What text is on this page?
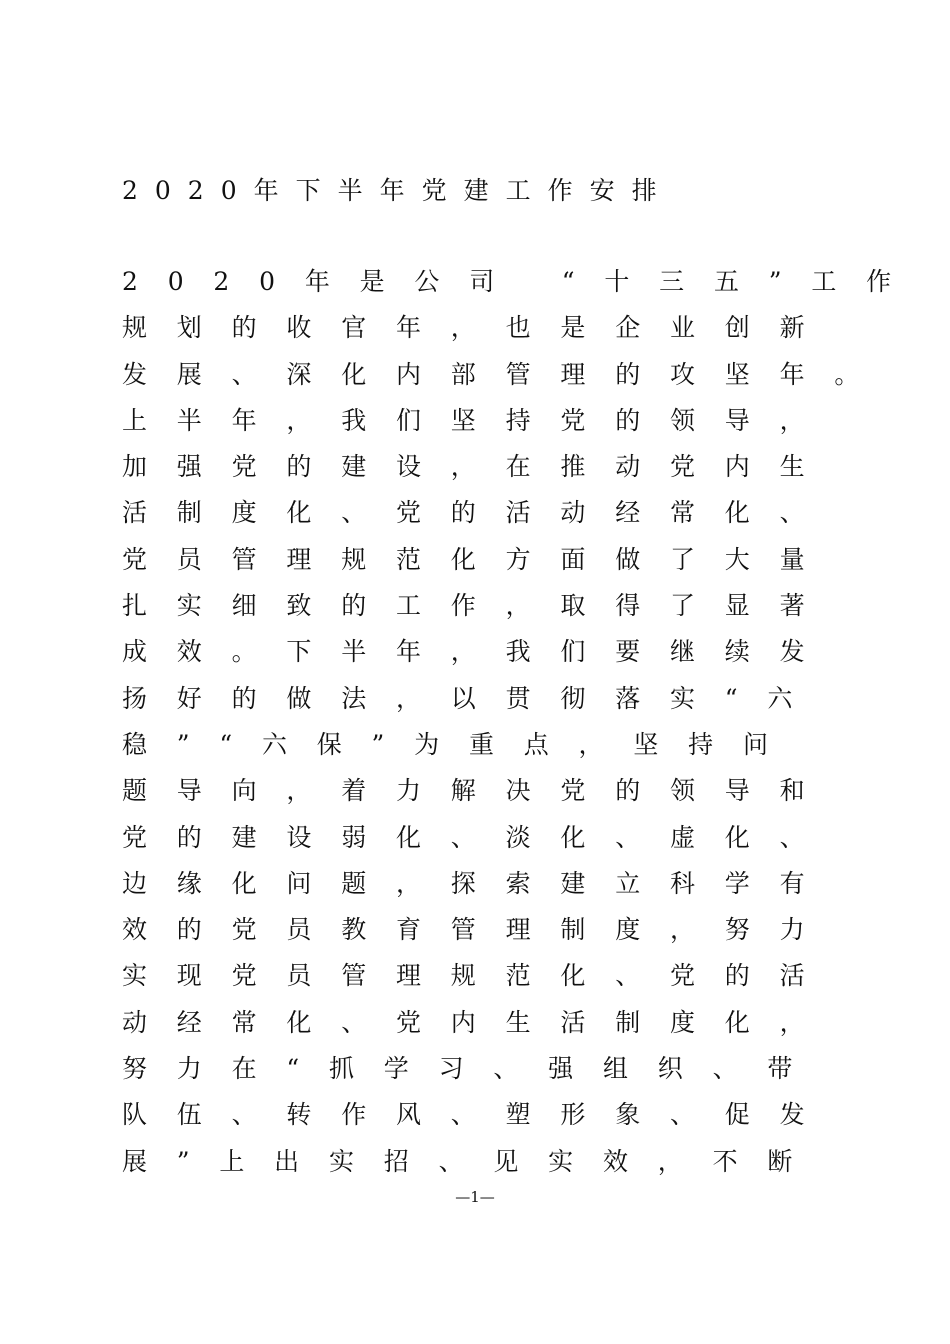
2020年下半年党建工作安排
2020年是公司 “十三五”工作
规划的收官年，也是企业创新
发展、深化内部管理的攻坚年。
上半年，我们坚持党的领导，
加强党的建设，在推动党内生
活制度化、党的活动经常化、
党员管理规范化方面做了大量
扎实细致的工作，取得了显著
成效。下半年，我们要继续发
扬好的做法，以贯彻落实“六
稳”“六保”为重点，坚持问
题导向，着力解决党的领导和
党的建设弱化、淡化、虚化、
边缘化问题，探索建立科学有
效的党员教育管理制度，努力
实现党员管理规范化、党的活
动经常化、党内生活制度化，
努力在“抓学习、强组织、带
队伍、转作风、塑形象、促发
展”上出实招、见实效，不断
—1—
